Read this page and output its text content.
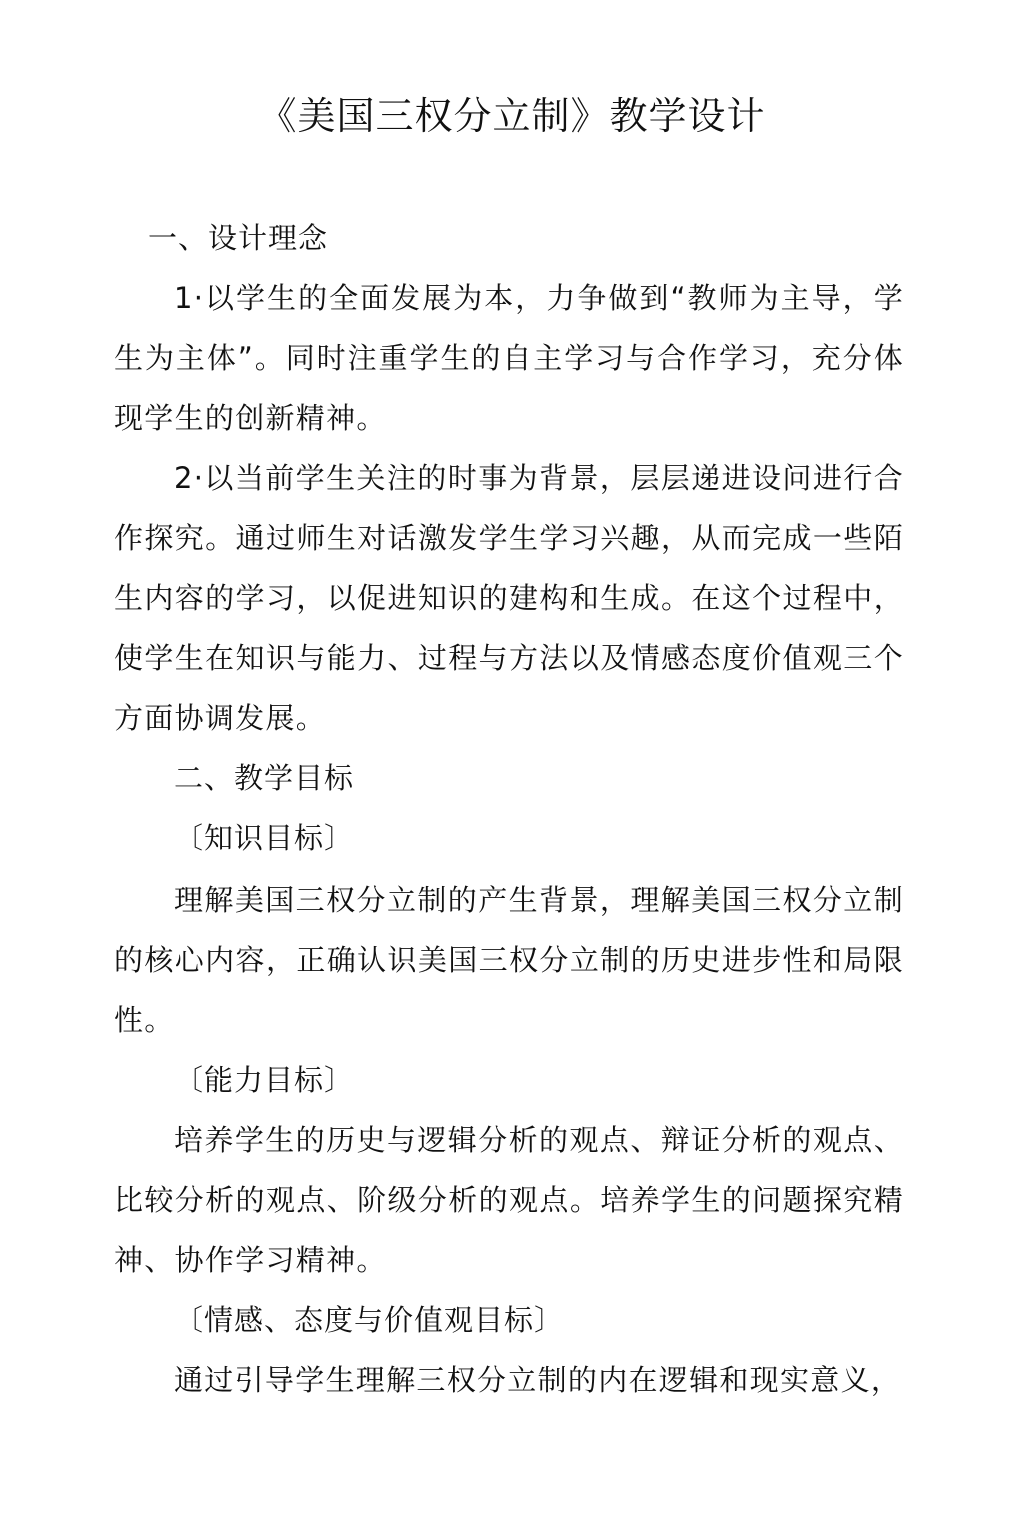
《美国三权分立制》教学设计
一、设计理念

1·以学生的全面发展为本，力争做到“教师为主导，学生为主体”。同时注重学生的自主学习与合作学习，充分体现学生的创新精神。

2·以当前学生关注的时事为背景，层层递进设问进行合作探究。通过师生对话激发学生学习兴趣，从而完成一些陌生内容的学习，以促进知识的建构和生成。在这个过程中，使学生在知识与能力、过程与方法以及情感态度价值观三个方面协调发展。

二、教学目标
〔知识目标〕

理解美国三权分立制的产生背景，理解美国三权分立制的核心内容，正确认识美国三权分立制的历史进步性和局限性。

〔能力目标〕

培养学生的历史与逻辑分析的观点、辩证分析的观点、比较分析的观点、阶级分析的观点。培养学生的问题探究精神、协作学习精神。

〔情感、态度与价值观目标〕

通过引导学生理解三权分立制的内在逻辑和现实意义，
